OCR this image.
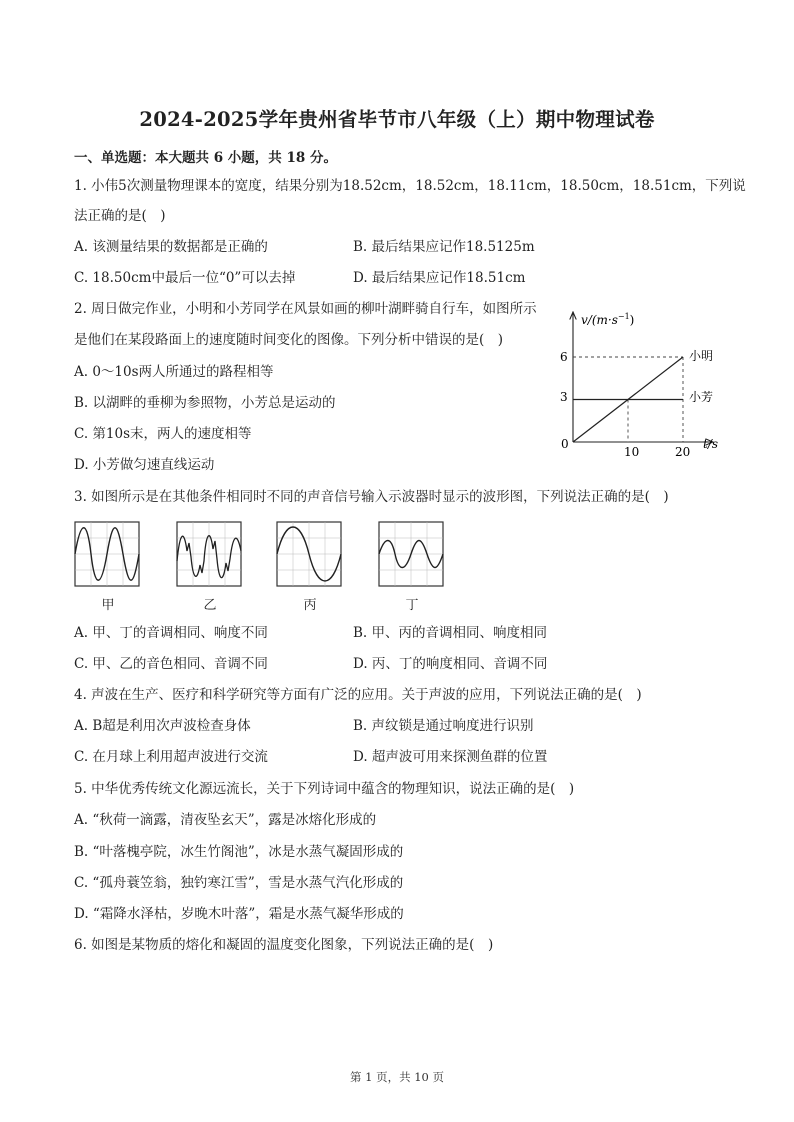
2024-2025学年贵州省毕节市八年级（上）期中物理试卷
一、单选题：本大题共 6 小题，共 18 分。
1. 小伟5次测量物理课本的宽度，结果分别为18.52cm，18.52cm，18.11cm，18.50cm，18.51cm，下列说
法正确的是(　)
A. 该测量结果的数据都是正确的	B. 最后结果应记作18.5125m
C. 18.50cm中最后一位“0”可以去掉	D. 最后结果应记作18.51cm
2. 周日做完作业，小明和小芳同学在风景如画的柳叶湖畔骑自行车，如图所示
是他们在某段路面上的速度随时间变化的图像。下列分析中错误的是(　)
A. 0～10s两人所通过的路程相等
B. 以湖畔的垂柳为参照物，小芳总是运动的
C. 第10s末，两人的速度相等
D. 小芳做匀速直线运动
$v/(m\cdot s^{-1})$
t/s
0
6
3
10	20
小明
小芳
3. 如图所示是在其他条件相同时不同的声音信号输入示波器时显示的波形图，下列说法正确的是(　)
甲	乙	丙	丁
A. 甲、丁的音调相同、响度不同	B. 甲、丙的音调相同、响度相同
C. 甲、乙的音色相同、音调不同	D. 丙、丁的响度相同、音调不同
4. 声波在生产、医疗和科学研究等方面有广泛的应用。关于声波的应用，下列说法正确的是(　)
A. B超是利用次声波检查身体	B. 声纹锁是通过响度进行识别
C. 在月球上利用超声波进行交流	D. 超声波可用来探测鱼群的位置
5. 中华优秀传统文化源远流长，关于下列诗词中蕴含的物理知识，说法正确的是(　)
A. “秋荷一滴露，清夜坠玄天”，露是冰熔化形成的
B. “叶落槐亭院，冰生竹阁池”，冰是水蒸气凝固形成的
C. “孤舟蓑笠翁，独钓寒江雪”，雪是水蒸气汽化形成的
D. “霜降水泽枯，岁晚木叶落”，霜是水蒸气凝华形成的
6. 如图是某物质的熔化和凝固的温度变化图象，下列说法正确的是(　)
第 1 页，共 10 页
